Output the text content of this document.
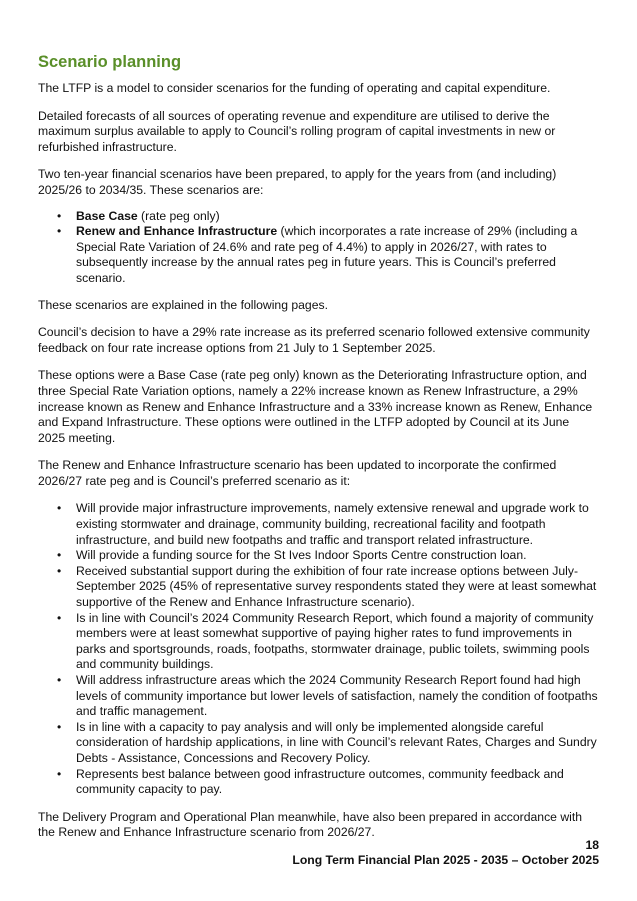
Scenario planning

The LTFP is a model to consider scenarios for the funding of operating and capital expenditure.

Detailed forecasts of all sources of operating revenue and expenditure are utilised to derive the maximum surplus available to apply to Council’s rolling program of capital investments in new or refurbished infrastructure.

Two ten-year financial scenarios have been prepared, to apply for the years from (and including) 2025/26 to 2034/35. These scenarios are:

• Base Case (rate peg only)
• Renew and Enhance Infrastructure (which incorporates a rate increase of 29% (including a Special Rate Variation of 24.6% and rate peg of 4.4%) to apply in 2026/27, with rates to subsequently increase by the annual rates peg in future years. This is Council’s preferred scenario.

These scenarios are explained in the following pages.

Council’s decision to have a 29% rate increase as its preferred scenario followed extensive community feedback on four rate increase options from 21 July to 1 September 2025.

These options were a Base Case (rate peg only) known as the Deteriorating Infrastructure option, and three Special Rate Variation options, namely a 22% increase known as Renew Infrastructure, a 29% increase known as Renew and Enhance Infrastructure and a 33% increase known as Renew, Enhance and Expand Infrastructure. These options were outlined in the LTFP adopted by Council at its June 2025 meeting.

The Renew and Enhance Infrastructure scenario has been updated to incorporate the confirmed 2026/27 rate peg and is Council’s preferred scenario as it:

• Will provide major infrastructure improvements, namely extensive renewal and upgrade work to existing stormwater and drainage, community building, recreational facility and footpath infrastructure, and build new footpaths and traffic and transport related infrastructure.
• Will provide a funding source for the St Ives Indoor Sports Centre construction loan.
• Received substantial support during the exhibition of four rate increase options between July-September 2025 (45% of representative survey respondents stated they were at least somewhat supportive of the Renew and Enhance Infrastructure scenario).
• Is in line with Council’s 2024 Community Research Report, which found a majority of community members were at least somewhat supportive of paying higher rates to fund improvements in parks and sportsgrounds, roads, footpaths, stormwater drainage, public toilets, swimming pools and community buildings.
• Will address infrastructure areas which the 2024 Community Research Report found had high levels of community importance but lower levels of satisfaction, namely the condition of footpaths and traffic management.
• Is in line with a capacity to pay analysis and will only be implemented alongside careful consideration of hardship applications, in line with Council’s relevant Rates, Charges and Sundry Debts - Assistance, Concessions and Recovery Policy.
• Represents best balance between good infrastructure outcomes, community feedback and community capacity to pay.

The Delivery Program and Operational Plan meanwhile, have also been prepared in accordance with the Renew and Enhance Infrastructure scenario from 2026/27.

18
Long Term Financial Plan 2025 - 2035 – October 2025
